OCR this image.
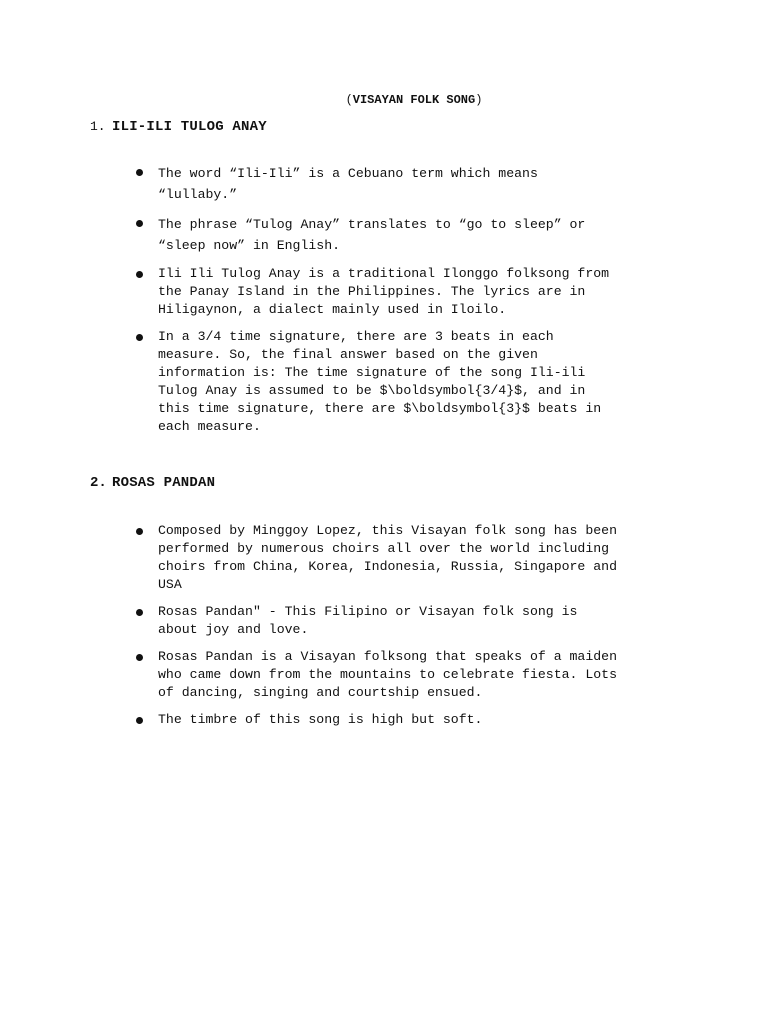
(VISAYAN FOLK SONG)
1. ILI-ILI TULOG ANAY
The word “Ili-Ili” is a Cebuano term which means
“lullaby.”
The phrase “Tulog Anay” translates to “go to sleep” or
“sleep now” in English.
Ili Ili Tulog Anay is a traditional Ilonggo folksong from
the Panay Island in the Philippines. The lyrics are in
Hiligaynon, a dialect mainly used in Iloilo.
In a 3/4 time signature, there are 3 beats in each
measure. So, the final answer based on the given
information is: The time signature of the song Ili-ili
Tulog Anay is assumed to be $\boldsymbol{3/4}$, and in
this time signature, there are $\boldsymbol{3}$ beats in
each measure.
2. ROSAS PANDAN
Composed by Minggoy Lopez, this Visayan folk song has been
performed by numerous choirs all over the world including
choirs from China, Korea, Indonesia, Russia, Singapore and
USA
Rosas Pandan" - This Filipino or Visayan folk song is
about joy and love.
Rosas Pandan is a Visayan folksong that speaks of a maiden
who came down from the mountains to celebrate fiesta. Lots
of dancing, singing and courtship ensued.
The timbre of this song is high but soft.
